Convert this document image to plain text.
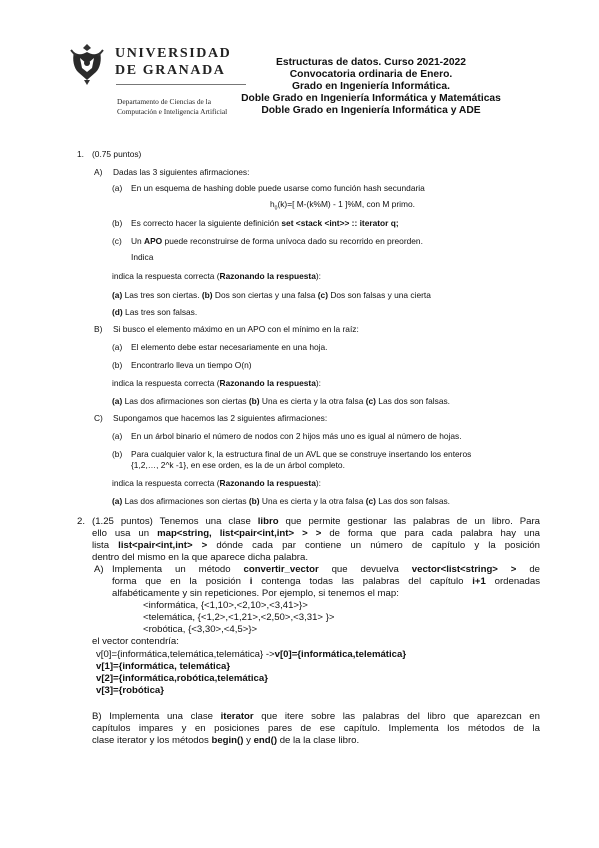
UNIVERSIDAD
DE GRANADA
Departamento de Ciencias de la
Computación e Inteligencia Artificial
Estructuras de datos. Curso 2021-2022
Convocatoria ordinaria de Enero.
Grado en Ingeniería Informática.
Doble Grado en Ingeniería Informática y Matemáticas
Doble Grado en Ingeniería Informática y ADE
1. (0.75 puntos)
A) Dadas las 3 siguientes afirmaciones:
(a) En un esquema de hashing doble puede usarse como función hash secundaria
$h_0(k)=$[ M-(k%M) - 1 ]%M, con M primo.
(b) Es correcto hacer la siguiente definición set <stack <int>> :: iterator q;
(c) Un APO puede reconstruirse de forma unívoca dado su recorrido en preorden.
Indica
indica la respuesta correcta (Razonando la respuesta):
(a) Las tres son ciertas. (b) Dos son ciertas y una falsa (c) Dos son falsas y una cierta
(d) Las tres son falsas.
B) Si busco el elemento máximo en un APO con el mínimo en la raíz:
(a) El elemento debe estar necesariamente en una hoja.
(b) Encontrarlo lleva un tiempo O(n)
indica la respuesta correcta (Razonando la respuesta):
(a) Las dos afirmaciones son ciertas (b) Una es cierta y la otra falsa (c) Las dos son falsas.
C) Supongamos que hacemos las 2 siguientes afirmaciones:
(a) En un árbol binario el número de nodos con 2 hijos más uno es igual al número de hojas.
(b) Para cualquier valor k, la estructura final de un AVL que se construye insertando los enteros
{1,2,…, 2^k -1}, en ese orden, es la de un árbol completo.
indica la respuesta correcta (Razonando la respuesta):
(a) Las dos afirmaciones son ciertas (b) Una es cierta y la otra falsa (c) Las dos son falsas.
2. (1.25 puntos) Tenemos una clase libro que permite gestionar las palabras de un libro. Para
ello usa un map<string, list<pair<int,int> > > de forma que para cada palabra hay una
lista list<pair<int,int> > dónde cada par contiene un número de capítulo y la posición
dentro del mismo en la que aparece dicha palabra.
A) Implementa un método convertir_vector que devuelva vector<list<string> > de
forma que en la posición i contenga todas las palabras del capítulo i+1 ordenadas
alfabéticamente y sin repeticiones. Por ejemplo, si tenemos el map:
<informática, {<1,10>,<2,10>,<3,41>}>
<telemática, {<1,2>,<1,21>,<2,50>,<3,31> }>
<robótica, {<3,30>,<4,5>}>
el vector contendría:
v[0]={informática,telemática,telemática} ->v[0]={informática,telemática}
v[1]={informática, telemática}
v[2]={informática,robótica,telemática}
v[3]={robótica}
B) Implementa una clase iterator que itere sobre las palabras del libro que aparezcan en
capítulos impares y en posiciones pares de ese capítulo. Implementa los métodos de la
clase iterator y los métodos begin() y end() de la la clase libro.
